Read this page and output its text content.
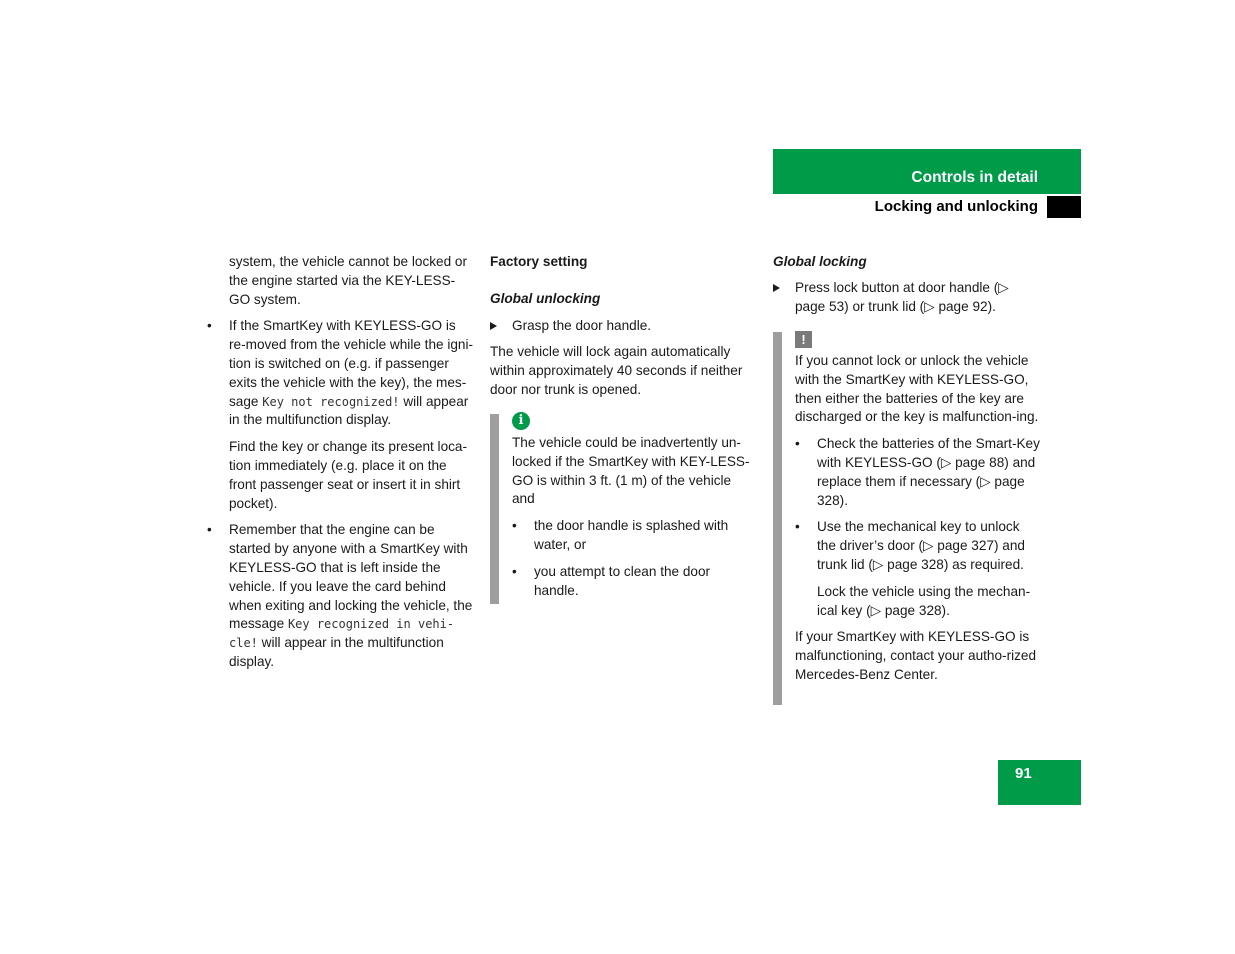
Controls in detail
Locking and unlocking

system, the vehicle cannot be locked or the engine started via the KEY-LESS-GO system.

• If the SmartKey with KEYLESS-GO is re-moved from the vehicle while the igni-tion is switched on (e.g. if passenger exits the vehicle with the key), the mes-sage Key not recognized! will appear in the multifunction display.

Find the key or change its present loca-tion immediately (e.g. place it on the front passenger seat or insert it in shirt pocket).

• Remember that the engine can be started by anyone with a SmartKey with KEYLESS-GO that is left inside the vehicle. If you leave the card behind when exiting and locking the vehicle, the message Key recognized in vehi-cle! will appear in the multifunction display.

Factory setting

Global unlocking

Grasp the door handle.

The vehicle will lock again automatically within approximately 40 seconds if neither door nor trunk is opened.

i

The vehicle could be inadvertently un-locked if the SmartKey with KEY-LESS-GO is within 3 ft. (1 m) of the vehicle and

• the door handle is splashed with water, or
• you attempt to clean the door handle.

Global locking

Press lock button at door handle (▷ page 53) or trunk lid (▷ page 92).

!

If you cannot lock or unlock the vehicle with the SmartKey with KEYLESS-GO, then either the batteries of the key are discharged or the key is malfunction-ing.

• Check the batteries of the Smart-Key with KEYLESS-GO (▷ page 88) and replace them if necessary (▷ page 328).

• Use the mechanical key to unlock the driver’s door (▷ page 327) and trunk lid (▷ page 328) as required.

Lock the vehicle using the mechan-ical key (▷ page 328).

If your SmartKey with KEYLESS-GO is malfunctioning, contact your autho-rized Mercedes-Benz Center.

91
